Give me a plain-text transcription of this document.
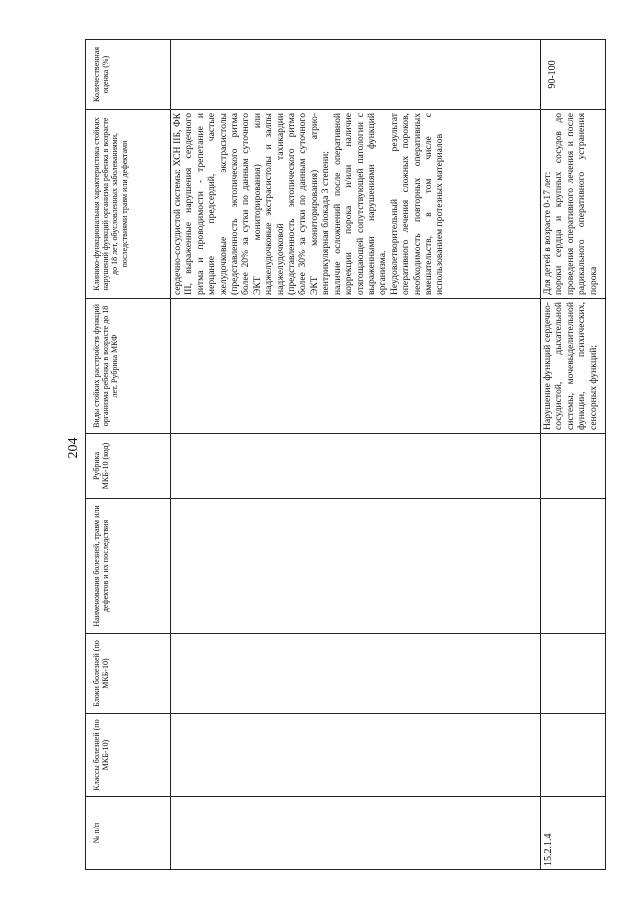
204
№ п/п
Классы болезней (по МКБ-10)
Блоки болезней (по МКБ-10)
Наименования болезней, травм или дефектов и их последствия
Рубрика МКБ-10 (код)
Виды стойких расстройств функций организма ребенка в возрасте до 18 лет. Рубрика МКФ
Клинико-функциональная характеристика стойких нарушений функций организма ребенка в возрасте до 18 лет, обусловленных заболеваниями, последствиями травм или дефектами
Количественная оценка (%)

сердечно-сосудистой системы: ХСН IIБ, ФК III, выраженные нарушения сердечного ритма и проводимости - трепетание и мерцание предсердий, частые желудочковые экстрасистолы (представленность эктопического ритма более 20% за сутки по данным суточного ЭКТ мониторирования) или наджелудочковые экстрасистолы и залпы наджелудочковой тахикардии (представленность эктопического ритма более 30% за сутки по данным суточного ЭКТ мониторирования) атрио-вентрикулярная блокада 3 степени; наличие осложнений после оперативной коррекции порока и/или наличие отягощающей сопутствующей патологии с выраженными нарушениями функций организма. Неудовлетворительный результат оперативного лечения сложных пороков, необходимость повторных оперативных вмешательств, в том числе с использованием протезных материалов

15.2.1.4
Нарушение функций сердечно-сосудистой, дыхательной системы, мочевыделительной функции, психических, сенсорных функций;

Для детей в возрасте 0-17 лет: пороки сердца и крупных сосудов до проведения оперативного лечения и после радикального оперативного устранения порока

90-100
